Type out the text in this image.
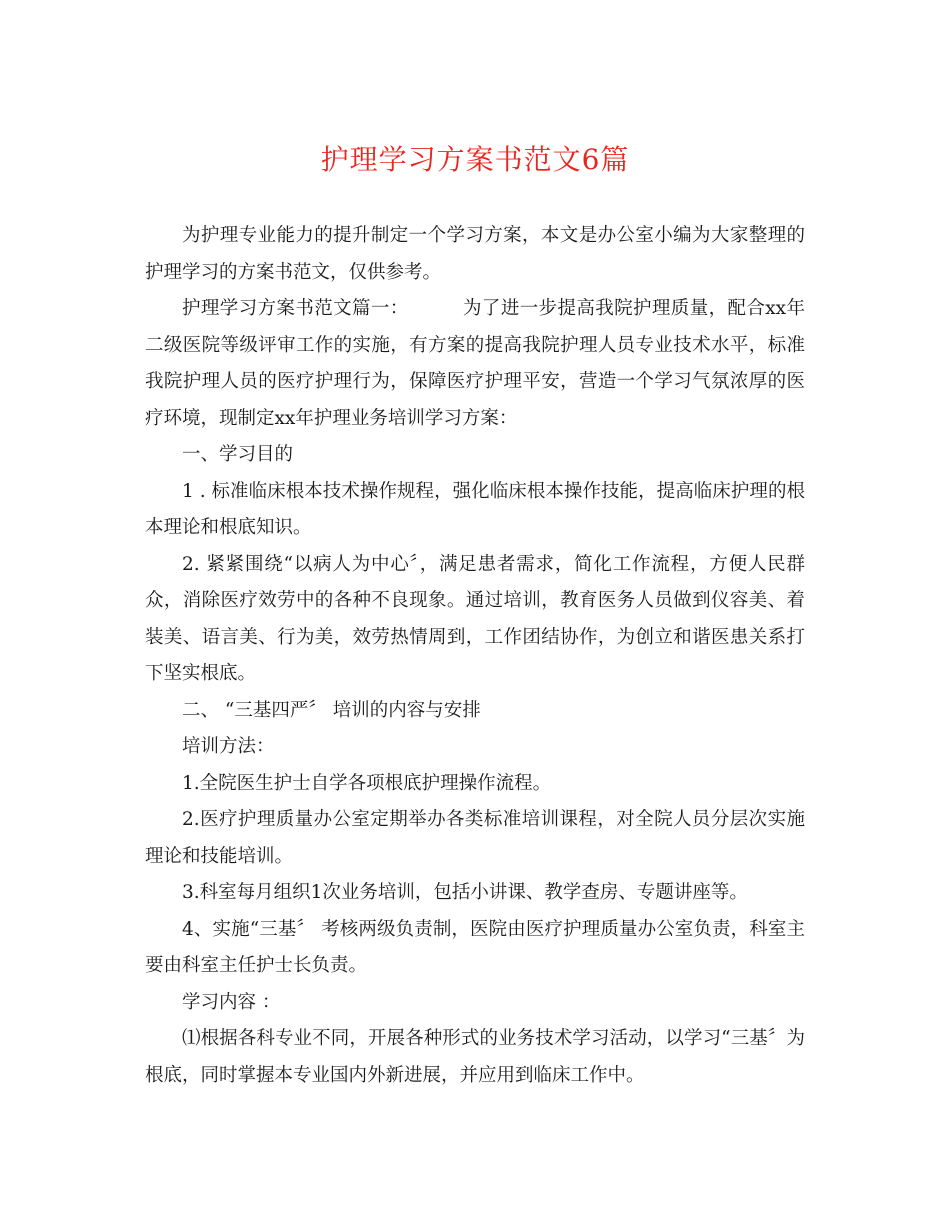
护理学习方案书范文6篇

为护理专业能力的提升制定一个学习方案，本文是办公室小编为大家整理的护理学习的方案书范文，仅供参考。

护理学习方案书范文篇一：	为了进一步提高我院护理质量，配合xx年二级医院等级评审工作的实施，有方案的提高我院护理人员专业技术水平，标准我院护理人员的医疗护理行为，保障医疗护理平安，营造一个学习气氛浓厚的医疗环境，现制定xx年护理业务培训学习方案：

一、学习目的

1 . 标准临床根本技术操作规程，强化临床根本操作技能，提高临床护理的根本理论和根底知识。

2. 紧紧围绕“以病人为中心〞，满足患者需求，简化工作流程，方便人民群众，消除医疗效劳中的各种不良现象。通过培训，教育医务人员做到仪容美、着装美、语言美、行为美，效劳热情周到，工作团结协作，为创立和谐医患关系打下坚实根底。

二、 “三基四严〞 培训的内容与安排

培训方法：

1.全院医生护士自学各项根底护理操作流程。

2.医疗护理质量办公室定期举办各类标准培训课程，对全院人员分层次实施理论和技能培训。

3.科室每月组织1次业务培训，包括小讲课、教学查房、专题讲座等。

4、实施“三基〞 考核两级负责制，医院由医疗护理质量办公室负责，科室主要由科室主任护士长负责。

学习内容 ：

⑴根据各科专业不同，开展各种形式的业务技术学习活动，以学习“三基〞为根底，同时掌握本专业国内外新进展，并应用到临床工作中。
